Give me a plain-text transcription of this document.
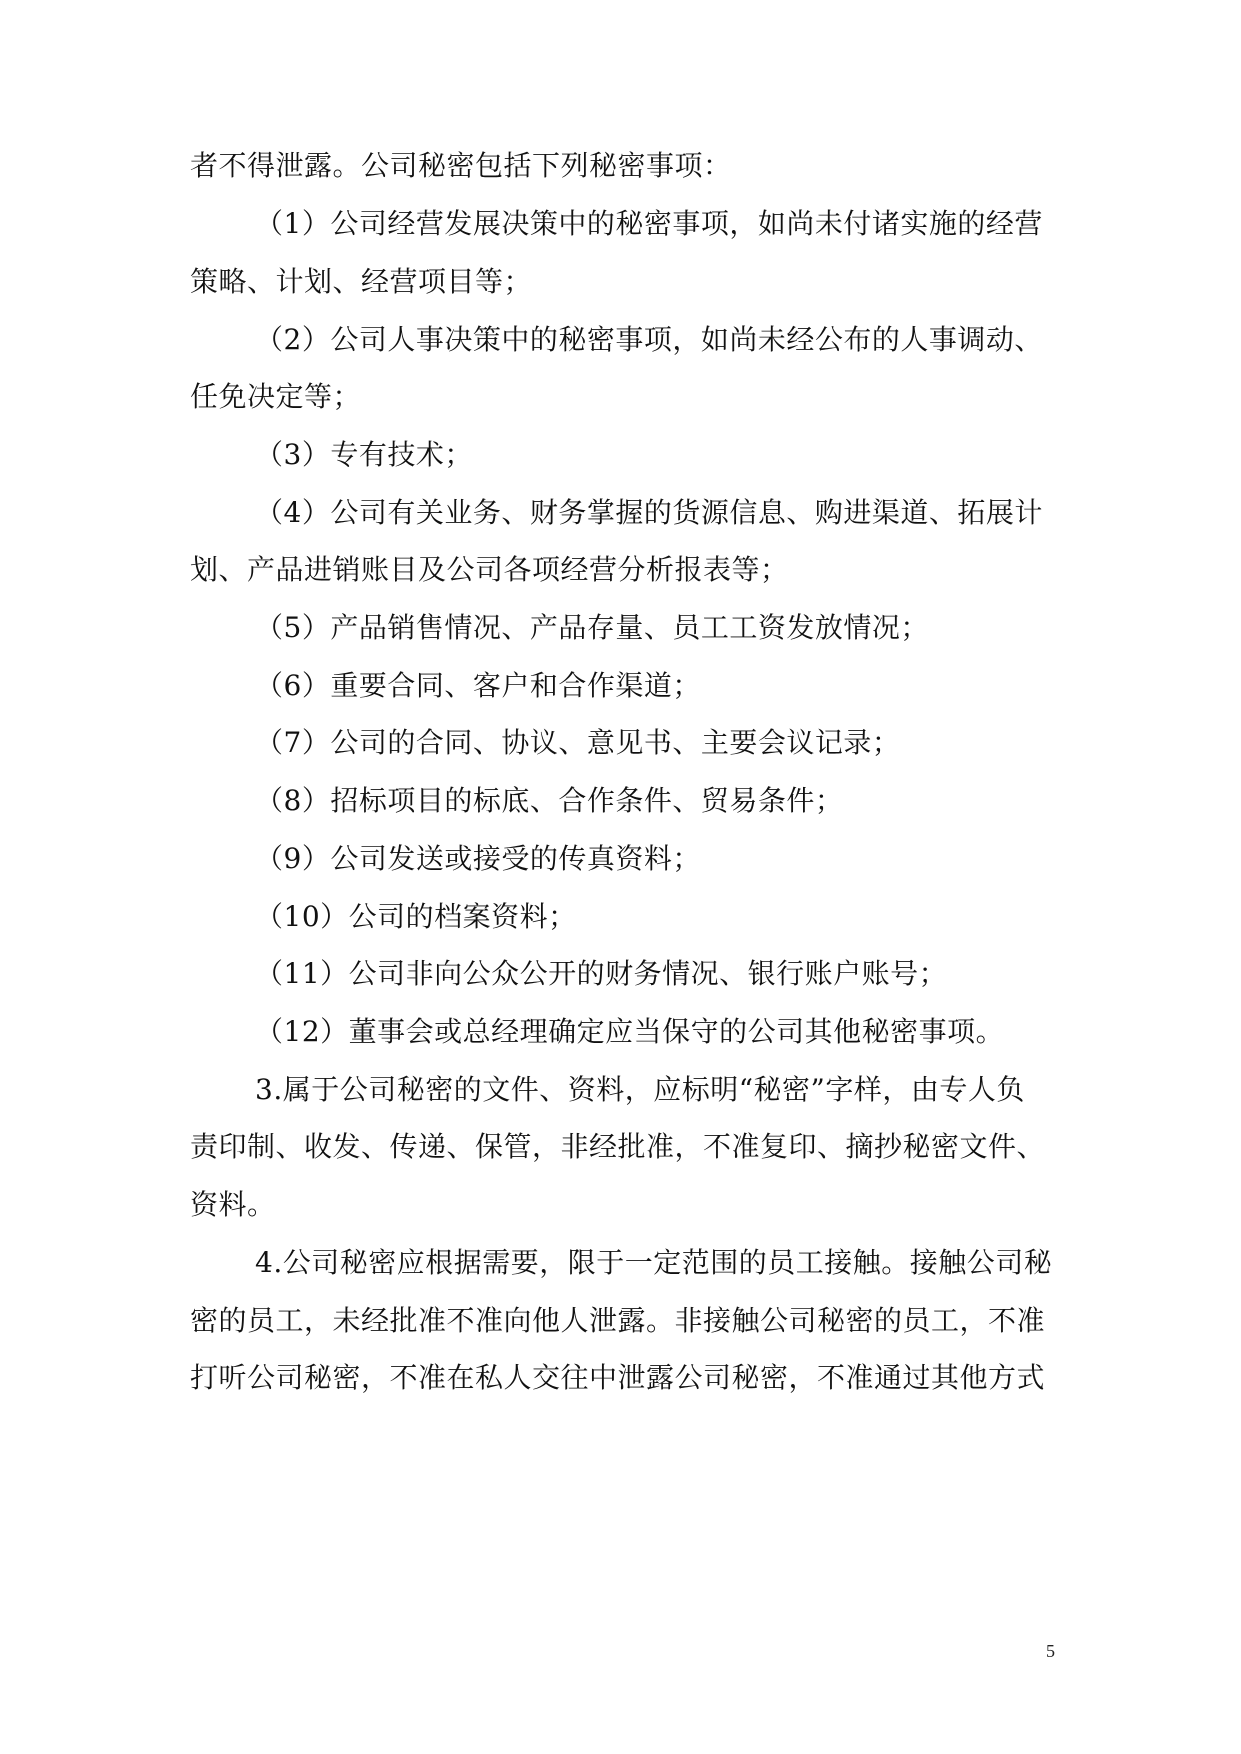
者不得泄露。公司秘密包括下列秘密事项：
（1）公司经营发展决策中的秘密事项，如尚未付诸实施的经营
策略、计划、经营项目等；
（2）公司人事决策中的秘密事项，如尚未经公布的人事调动、
任免决定等；
（3）专有技术；
（4）公司有关业务、财务掌握的货源信息、购进渠道、拓展计
划、产品进销账目及公司各项经营分析报表等；
（5）产品销售情况、产品存量、员工工资发放情况；
（6）重要合同、客户和合作渠道；
（7）公司的合同、协议、意见书、主要会议记录；
（8）招标项目的标底、合作条件、贸易条件；
（9）公司发送或接受的传真资料；
（10）公司的档案资料；
（11）公司非向公众公开的财务情况、银行账户账号；
（12）董事会或总经理确定应当保守的公司其他秘密事项。
3.属于公司秘密的文件、资料，应标明“秘密”字样，由专人负
责印制、收发、传递、保管，非经批准，不准复印、摘抄秘密文件、
资料。
4.公司秘密应根据需要，限于一定范围的员工接触。接触公司秘
密的员工，未经批准不准向他人泄露。非接触公司秘密的员工，不准
打听公司秘密，不准在私人交往中泄露公司秘密，不准通过其他方式
5
